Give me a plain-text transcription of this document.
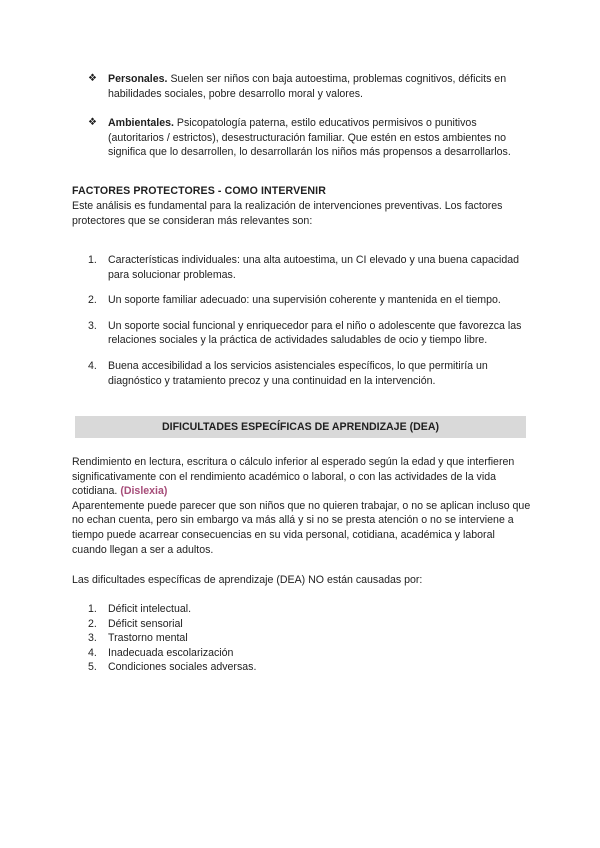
❖ Personales. Suelen ser niños con baja autoestima, problemas cognitivos, déficits en habilidades sociales, pobre desarrollo moral y valores.
❖ Ambientales. Psicopatología paterna, estilo educativos permisivos o punitivos (autoritarios / estrictos), desestructuración familiar. Que estén en estos ambientes no significa que lo desarrollen, lo desarrollarán los niños más propensos a desarrollarlos.
FACTORES PROTECTORES - COMO INTERVENIR

Este análisis es fundamental para la realización de intervenciones preventivas. Los factores protectores que se consideran más relevantes son:

1. Características individuales: una alta autoestima, un CI elevado y una buena capacidad para solucionar problemas.
2. Un soporte familiar adecuado: una supervisión coherente y mantenida en el tiempo.
3. Un soporte social funcional y enriquecedor para el niño o adolescente que favorezca las relaciones sociales y la práctica de actividades saludables de ocio y tiempo libre.
4. Buena accesibilidad a los servicios asistenciales específicos, lo que permitiría un diagnóstico y tratamiento precoz y una continuidad en la intervención.
DIFICULTADES ESPECÍFICAS DE APRENDIZAJE (DEA)

Rendimiento en lectura, escritura o cálculo inferior al esperado según la edad y que interfieren significativamente con el rendimiento académico o laboral, o con las actividades de la vida cotidiana. (Dislexia)
Aparentemente puede parecer que son niños que no quieren trabajar, o no se aplican incluso que no echan cuenta, pero sin embargo va más allá y si no se presta atención o no se interviene a tiempo puede acarrear consecuencias en su vida personal, cotidiana, académica y laboral cuando llegan a ser a adultos.

Las dificultades específicas de aprendizaje (DEA) NO están causadas por:

1. Déficit intelectual.
2. Déficit sensorial
3. Trastorno mental
4. Inadecuada escolarización
5. Condiciones sociales adversas.
